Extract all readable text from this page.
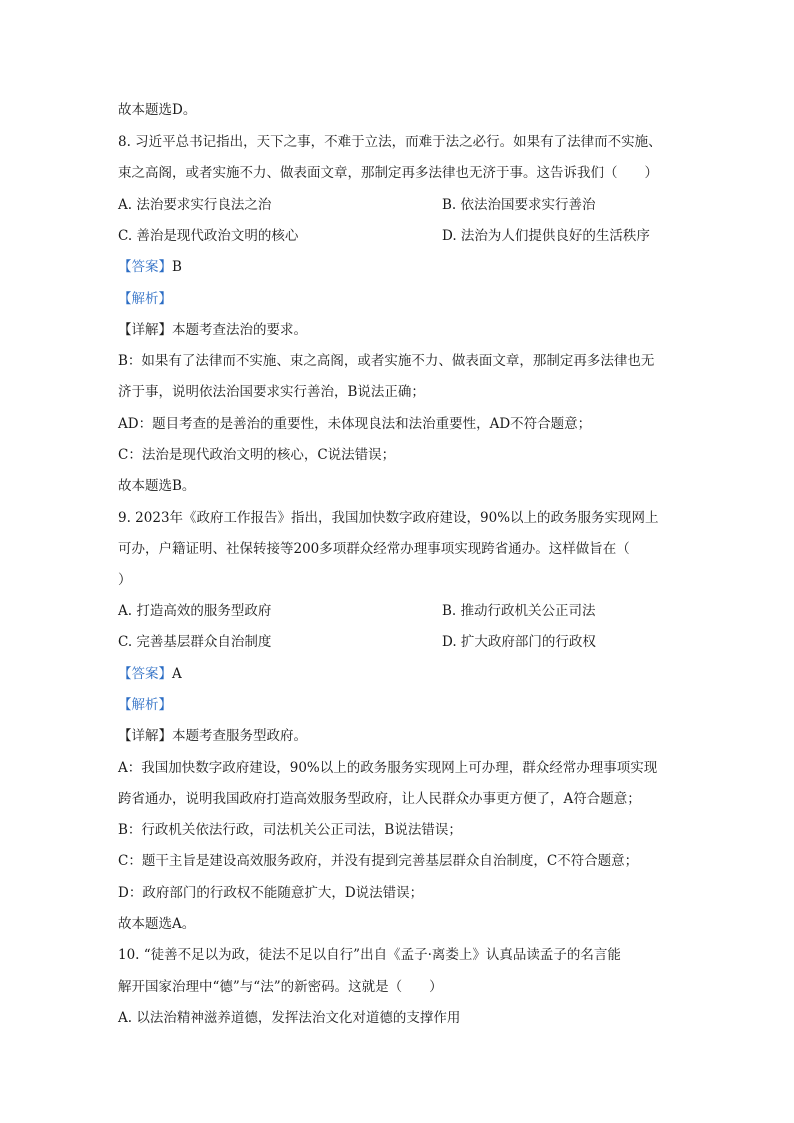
故本题选D。
8. 习近平总书记指出，天下之事，不难于立法，而难于法之必行。如果有了法律而不实施、
束之高阁，或者实施不力、做表面文章，那制定再多法律也无济于事。这告诉我们（　　）
A. 法治要求实行良法之治	B. 依法治国要求实行善治
C. 善治是现代政治文明的核心	D. 法治为人们提供良好的生活秩序
【答案】B
【解析】
【详解】本题考查法治的要求。
B：如果有了法律而不实施、束之高阁，或者实施不力、做表面文章，那制定再多法律也无
济于事，说明依法治国要求实行善治，B说法正确；
AD：题目考查的是善治的重要性，未体现良法和法治重要性，AD不符合题意；
C：法治是现代政治文明的核心，C说法错误；
故本题选B。
9. 2023年《政府工作报告》指出，我国加快数字政府建设，90%以上的政务服务实现网上
可办，户籍证明、社保转接等200多项群众经常办理事项实现跨省通办。这样做旨在（
）
A. 打造高效的服务型政府	B. 推动行政机关公正司法
C. 完善基层群众自治制度	D. 扩大政府部门的行政权
【答案】A
【解析】
【详解】本题考查服务型政府。
A：我国加快数字政府建设，90%以上的政务服务实现网上可办理，群众经常办理事项实现
跨省通办，说明我国政府打造高效服务型政府，让人民群众办事更方便了，A符合题意；
B：行政机关依法行政，司法机关公正司法，B说法错误；
C：题干主旨是建设高效服务政府，并没有提到完善基层群众自治制度，C不符合题意；
D：政府部门的行政权不能随意扩大，D说法错误；
故本题选A。
10. “徒善不足以为政，徒法不足以自行”出自《孟子·离娄上》认真品读孟子的名言能
解开国家治理中“德”与“法”的新密码。这就是（　　）
A. 以法治精神滋养道德，发挥法治文化对道德的支撑作用
